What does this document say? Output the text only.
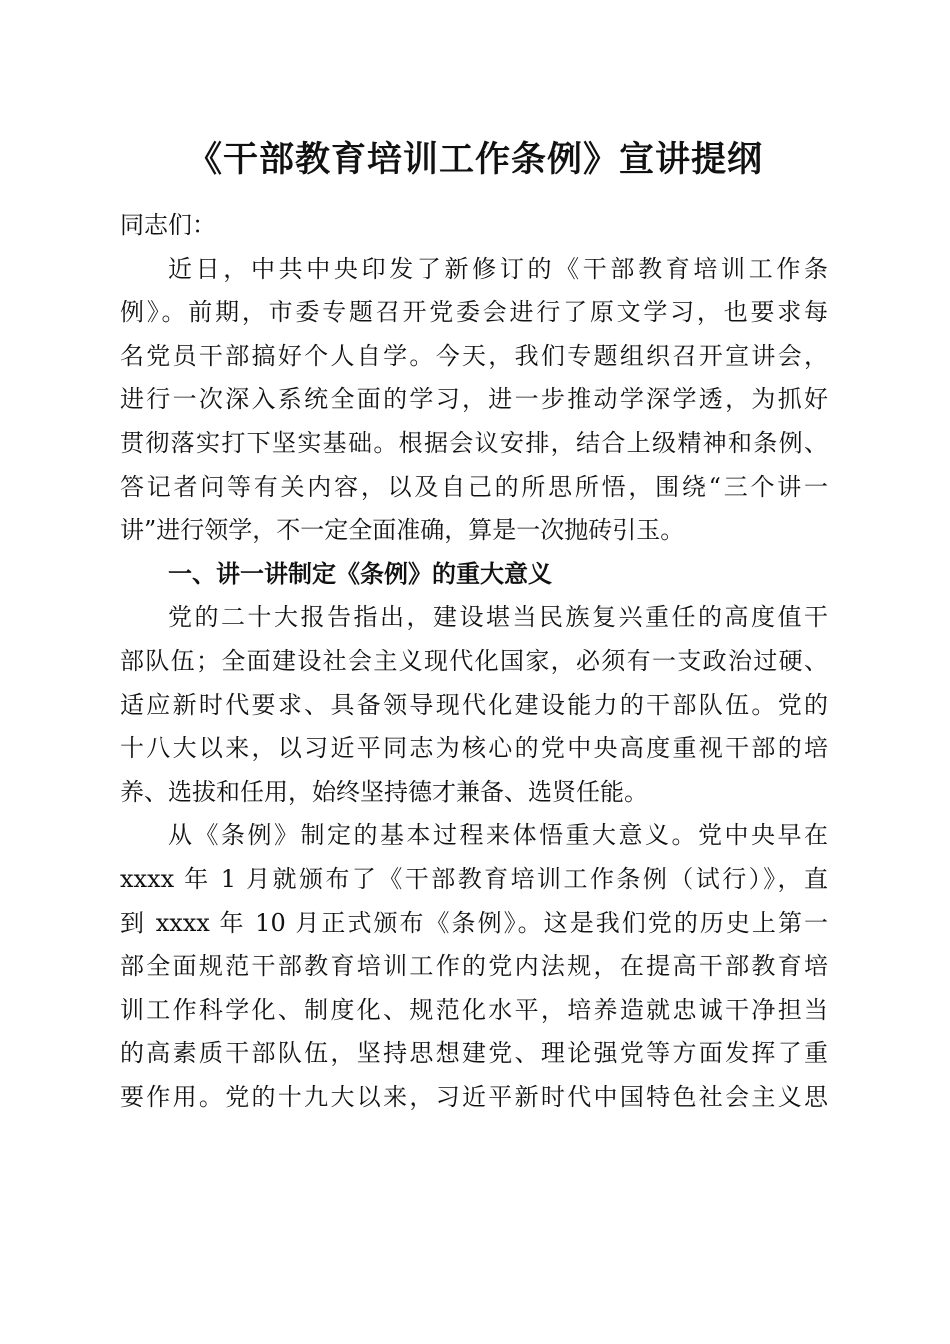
《干部教育培训工作条例》宣讲提纲
同志们：
近日，中共中央印发了新修订的《干部教育培训工作条
例》。前期，市委专题召开党委会进行了原文学习，也要求每
名党员干部搞好个人自学。今天，我们专题组织召开宣讲会，
进行一次深入系统全面的学习，进一步推动学深学透，为抓好
贯彻落实打下坚实基础。根据会议安排，结合上级精神和条例、
答记者问等有关内容，以及自己的所思所悟，围绕“三个讲一
讲”进行领学，不一定全面准确，算是一次抛砖引玉。
一、讲一讲制定《条例》的重大意义
党的二十大报告指出，建设堪当民族复兴重任的高度值干
部队伍；全面建设社会主义现代化国家，必须有一支政治过硬、
适应新时代要求、具备领导现代化建设能力的干部队伍。党的
十八大以来，以习近平同志为核心的党中央高度重视干部的培
养、选拔和任用，始终坚持德才兼备、选贤任能。
从《条例》制定的基本过程来体悟重大意义。党中央早在
xxxx 年 1 月就颁布了《干部教育培训工作条例（试行）》，直
到 xxxx 年 10 月正式颁布《条例》。这是我们党的历史上第一
部全面规范干部教育培训工作的党内法规，在提高干部教育培
训工作科学化、制度化、规范化水平，培养造就忠诚干净担当
的高素质干部队伍，坚持思想建党、理论强党等方面发挥了重
要作用。党的十九大以来，习近平新时代中国特色社会主义思
